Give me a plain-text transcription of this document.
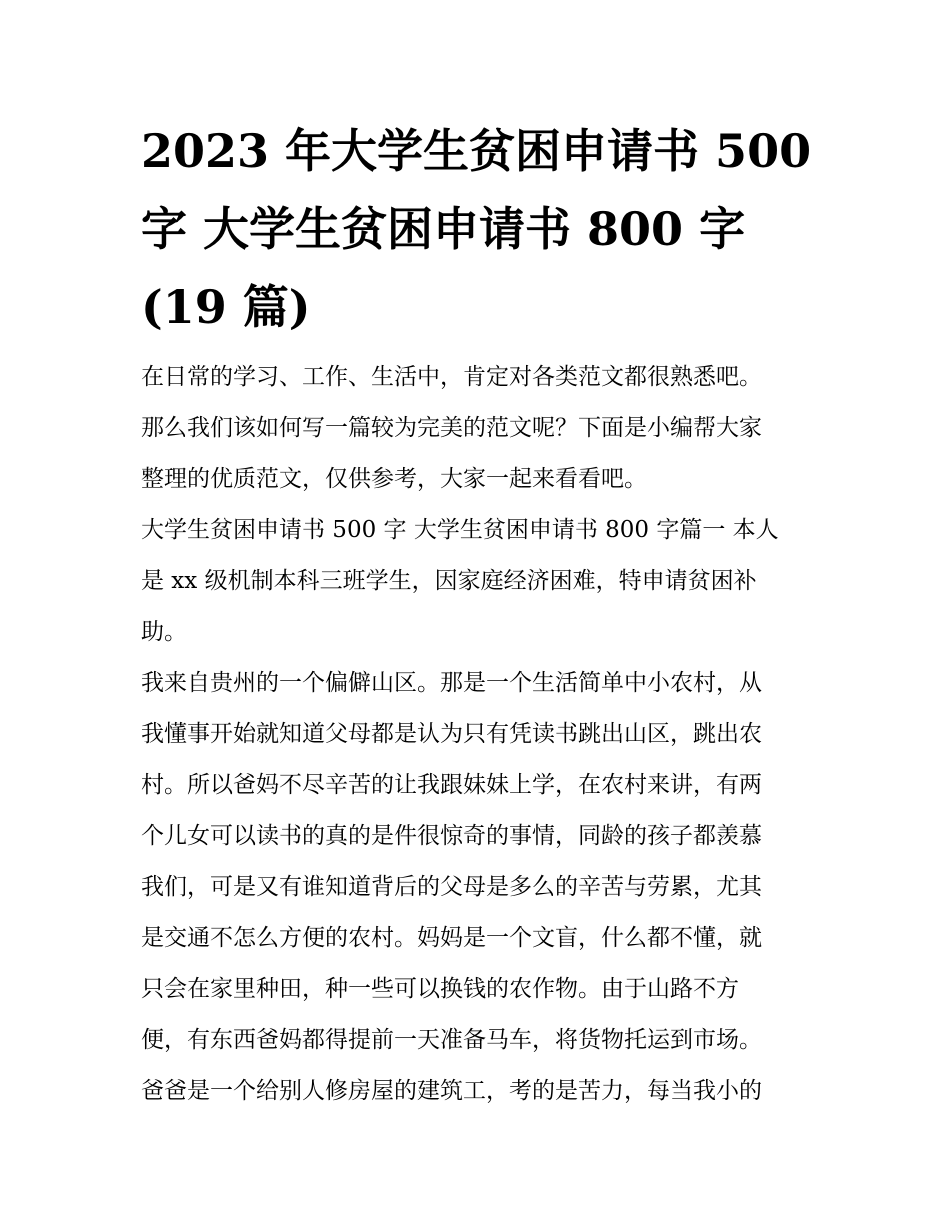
2023 年大学生贫困申请书 500
字 大学生贫困申请书 800 字
(19 篇)
在日常的学习、工作、生活中，肯定对各类范文都很熟悉吧。
那么我们该如何写一篇较为完美的范文呢？下面是小编帮大家
整理的优质范文，仅供参考，大家一起来看看吧。
大学生贫困申请书 500 字 大学生贫困申请书 800 字篇一 本人
是 xx 级机制本科三班学生，因家庭经济困难，特申请贫困补
助。
我来自贵州的一个偏僻山区。那是一个生活简单中小农村，从
我懂事开始就知道父母都是认为只有凭读书跳出山区，跳出农
村。所以爸妈不尽辛苦的让我跟妹妹上学，在农村来讲，有两
个儿女可以读书的真的是件很惊奇的事情，同龄的孩子都羡慕
我们，可是又有谁知道背后的父母是多么的辛苦与劳累，尤其
是交通不怎么方便的农村。妈妈是一个文盲，什么都不懂，就
只会在家里种田，种一些可以换钱的农作物。由于山路不方
便，有东西爸妈都得提前一天准备马车，将货物托运到市场。
爸爸是一个给别人修房屋的建筑工，考的是苦力，每当我小的
